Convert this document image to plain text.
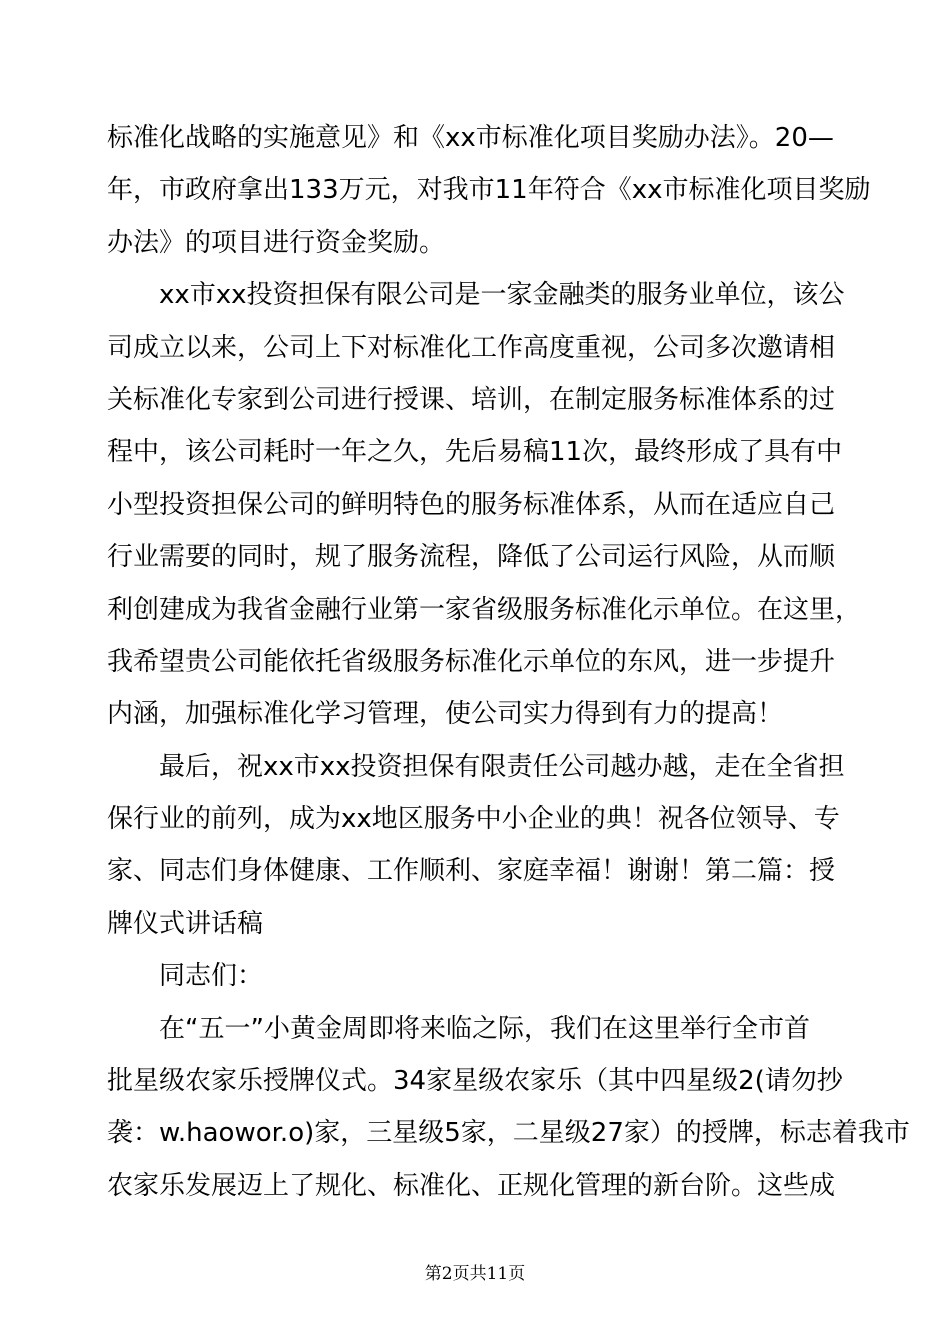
标准化战略的实施意见》和《xx市标准化项目奖励办法》。20—
年，市政府拿出133万元，对我市11年符合《xx市标准化项目奖励
办法》的项目进行资金奖励。
　　xx市xx投资担保有限公司是一家金融类的服务业单位，该公
司成立以来，公司上下对标准化工作高度重视，公司多次邀请相
关标准化专家到公司进行授课、培训，在制定服务标准体系的过
程中，该公司耗时一年之久，先后易稿11次，最终形成了具有中
小型投资担保公司的鲜明特色的服务标准体系，从而在适应自己
行业需要的同时，规了服务流程，降低了公司运行风险，从而顺
利创建成为我省金融行业第一家省级服务标准化示单位。在这里，
我希望贵公司能依托省级服务标准化示单位的东风，进一步提升
内涵，加强标准化学习管理，使公司实力得到有力的提高！
　　最后，祝xx市xx投资担保有限责任公司越办越，走在全省担
保行业的前列，成为xx地区服务中小企业的典！祝各位领导、专
家、同志们身体健康、工作顺利、家庭幸福！谢谢！第二篇：授
牌仪式讲话稿
　　同志们：
　　在“五一”小黄金周即将来临之际，我们在这里举行全市首
批星级农家乐授牌仪式。34家星级农家乐（其中四星级2(请勿抄
袭：w.haowor.o)家，三星级5家，二星级27家）的授牌，标志着我市
农家乐发展迈上了规化、标准化、正规化管理的新台阶。这些成
第2页共11页
